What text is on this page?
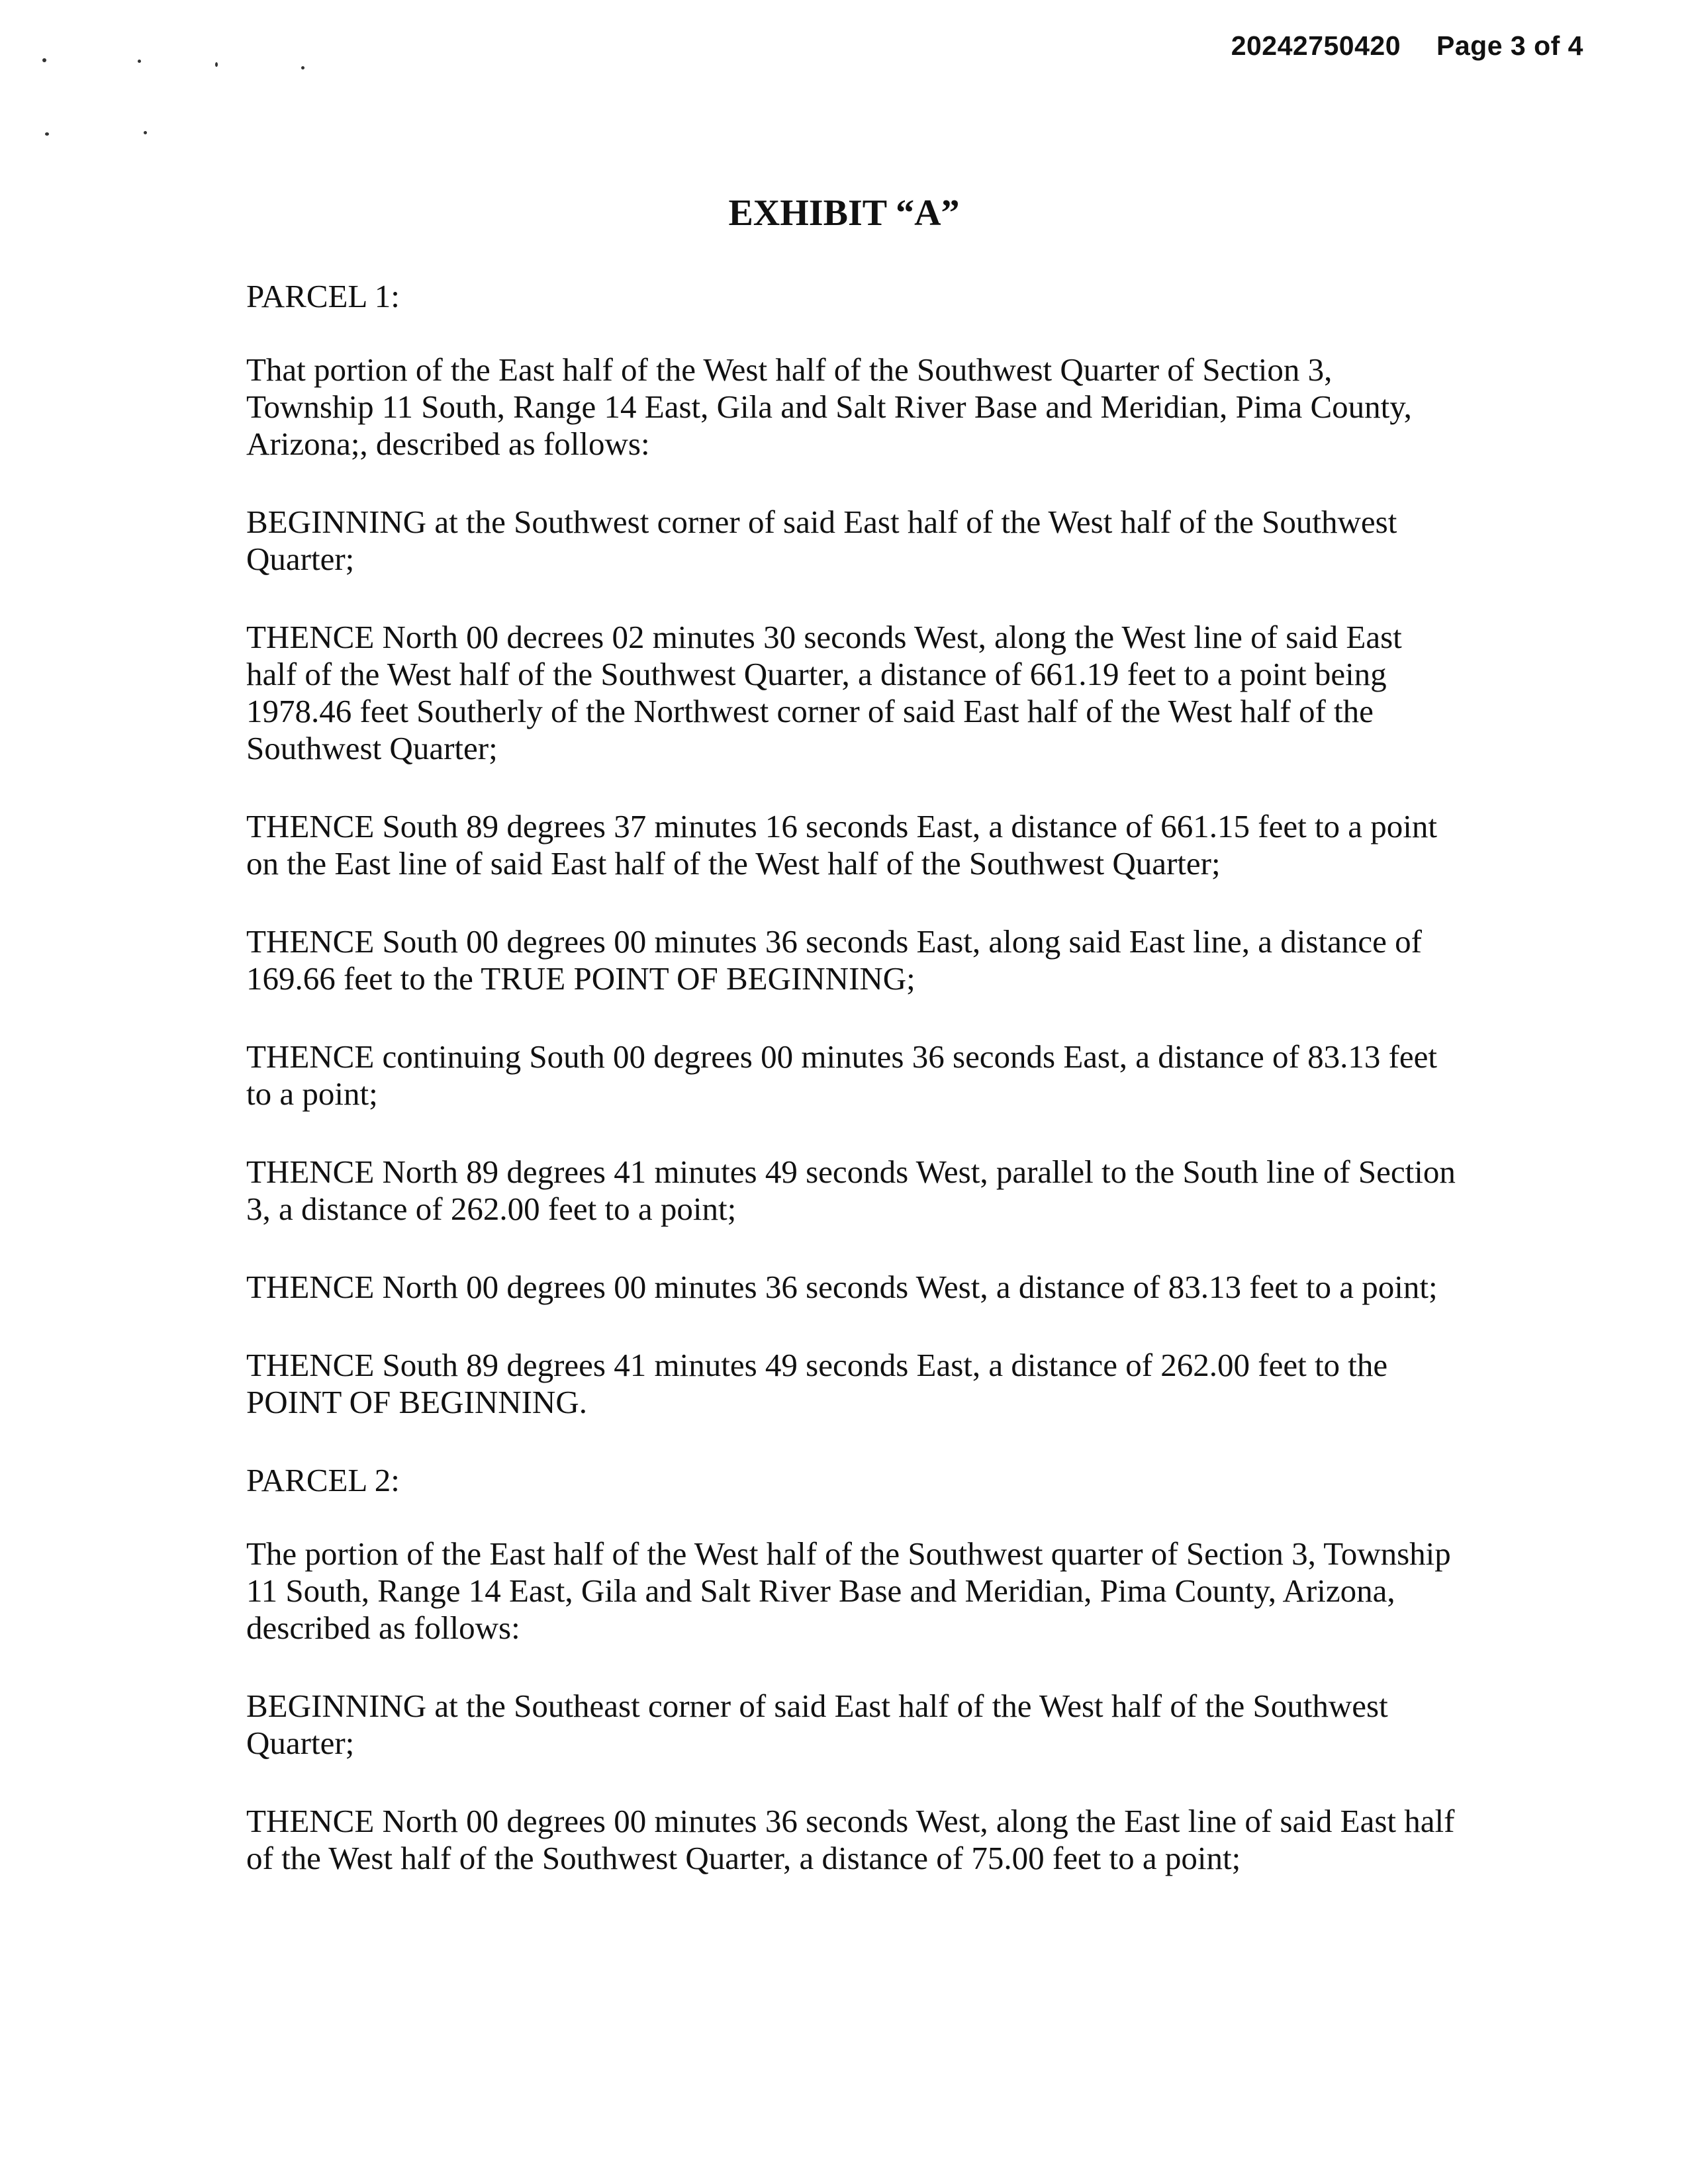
20242750420 Page 3 of 4
EXHIBIT “A”

PARCEL 1:

That portion of the East half of the West half of the Southwest Quarter of Section 3, Township 11 South, Range 14 East, Gila and Salt River Base and Meridian, Pima County, Arizona;, described as follows:

BEGINNING at the Southwest corner of said East half of the West half of the Southwest Quarter;

THENCE North 00 decrees 02 minutes 30 seconds West, along the West line of said East half of the West half of the Southwest Quarter, a distance of 661.19 feet to a point being 1978.46 feet Southerly of the Northwest corner of said East half of the West half of the Southwest Quarter;

THENCE South 89 degrees 37 minutes 16 seconds East, a distance of 661.15 feet to a point on the East line of said East half of the West half of the Southwest Quarter;

THENCE South 00 degrees 00 minutes 36 seconds East, along said East line, a distance of 169.66 feet to the TRUE POINT OF BEGINNING;

THENCE continuing South 00 degrees 00 minutes 36 seconds East, a distance of 83.13 feet to a point;

THENCE North 89 degrees 41 minutes 49 seconds West, parallel to the South line of Section 3, a distance of 262.00 feet to a point;

THENCE North 00 degrees 00 minutes 36 seconds West, a distance of 83.13 feet to a point;

THENCE South 89 degrees 41 minutes 49 seconds East, a distance of 262.00 feet to the POINT OF BEGINNING.

PARCEL 2:

The portion of the East half of the West half of the Southwest quarter of Section 3, Township 11 South, Range 14 East, Gila and Salt River Base and Meridian, Pima County, Arizona, described as follows:

BEGINNING at the Southeast corner of said East half of the West half of the Southwest Quarter;

THENCE North 00 degrees 00 minutes 36 seconds West, along the East line of said East half of the West half of the Southwest Quarter, a distance of 75.00 feet to a point;
